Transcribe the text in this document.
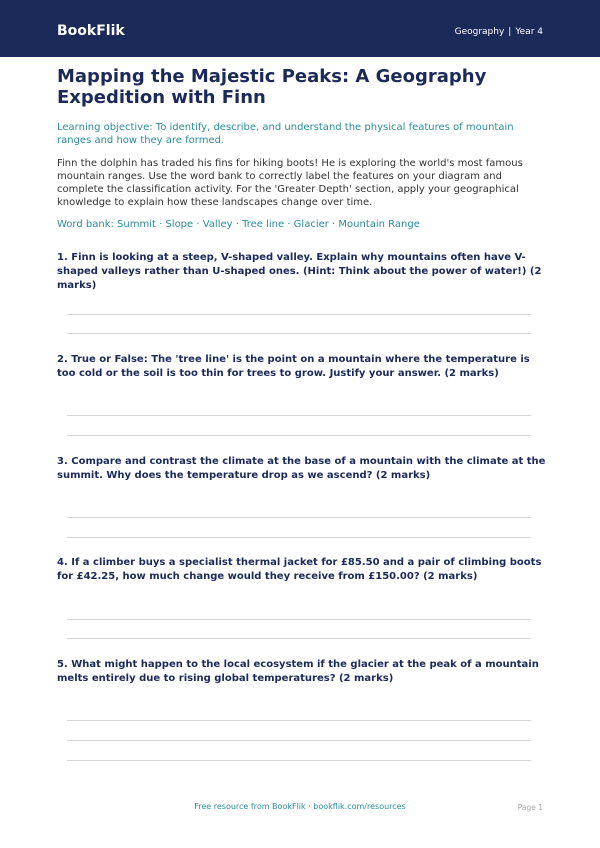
BookFlik	Geography | Year 4
Mapping the Majestic Peaks: A Geography Expedition with Finn
Learning objective: To identify, describe, and understand the physical features of mountain ranges and how they are formed.
Finn the dolphin has traded his fins for hiking boots! He is exploring the world's most famous mountain ranges. Use the word bank to correctly label the features on your diagram and complete the classification activity. For the 'Greater Depth' section, apply your geographical knowledge to explain how these landscapes change over time.
Word bank: Summit · Slope · Valley · Tree line · Glacier · Mountain Range
1. Finn is looking at a steep, V-shaped valley. Explain why mountains often have V-shaped valleys rather than U-shaped ones. (Hint: Think about the power of water!) (2 marks)
2. True or False: The 'tree line' is the point on a mountain where the temperature is too cold or the soil is too thin for trees to grow. Justify your answer. (2 marks)
3. Compare and contrast the climate at the base of a mountain with the climate at the summit. Why does the temperature drop as we ascend? (2 marks)
4. If a climber buys a specialist thermal jacket for £85.50 and a pair of climbing boots for £42.25, how much change would they receive from £150.00? (2 marks)
5. What might happen to the local ecosystem if the glacier at the peak of a mountain melts entirely due to rising global temperatures? (2 marks)
Free resource from BookFlik · bookflik.com/resources	Page 1
